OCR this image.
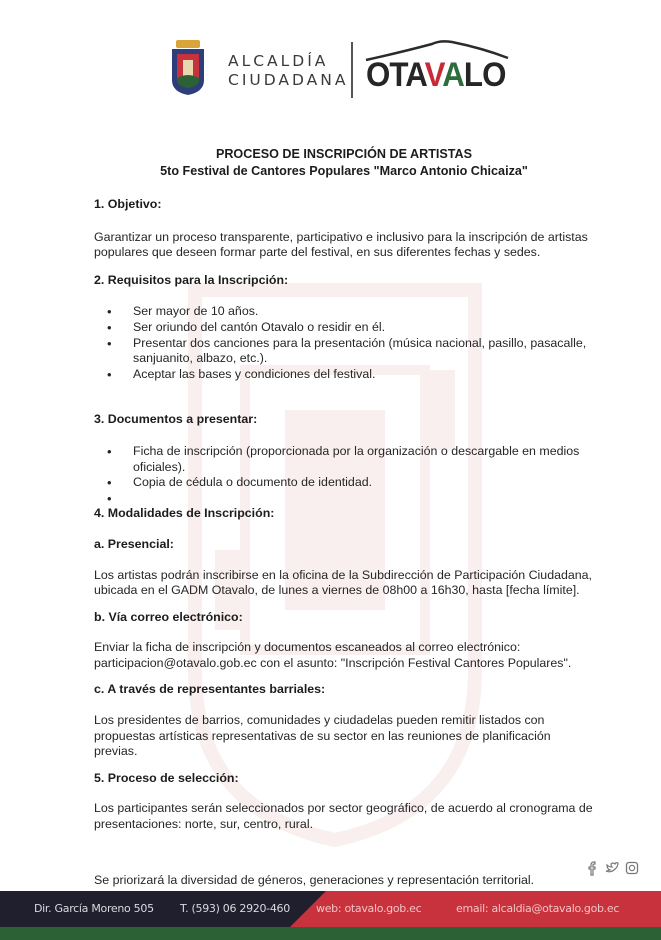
ALCALDÍA
CIUDADANA OTAVALO
PROCESO DE INSCRIPCIÓN DE ARTISTAS
5to Festival de Cantores Populares "Marco Antonio Chicaiza"
1. Objetivo:

Garantizar un proceso transparente, participativo e inclusivo para la inscripción de artistas populares que deseen formar parte del festival, en sus diferentes fechas y sedes.

2. Requisitos para la Inscripción:
• Ser mayor de 10 años.
• Ser oriundo del cantón Otavalo o residir en él.
• Presentar dos canciones para la presentación (música nacional, pasillo, pasacalle, sanjuanito, albazo, etc.).
• Aceptar las bases y condiciones del festival.
3. Documentos a presentar:
• Ficha de inscripción (proporcionada por la organización o descargable en medios oficiales).
• Copia de cédula o documento de identidad.
•
4. Modalidades de Inscripción:
a. Presencial:

Los artistas podrán inscribirse en la oficina de la Subdirección de Participación Ciudadana, ubicada en el GADM Otavalo, de lunes a viernes de 08h00 a 16h30, hasta [fecha límite].

b. Vía correo electrónico:

Enviar la ficha de inscripción y documentos escaneados al correo electrónico: participacion@otavalo.gob.ec con el asunto: "Inscripción Festival Cantores Populares".

c. A través de representantes barriales:

Los presidentes de barrios, comunidades y ciudadelas pueden remitir listados con propuestas artísticas representativas de su sector en las reuniones de planificación previas.

5. Proceso de selección:

Los participantes serán seleccionados por sector geográfico, de acuerdo al cronograma de presentaciones: norte, sur, centro, rural.

Se priorizará la diversidad de géneros, generaciones y representación territorial.

Dir. García Moreno 505 T. (593) 06 2920-460 web: otavalo.gob.ec	email: alcaldia@otavalo.gob.ec
